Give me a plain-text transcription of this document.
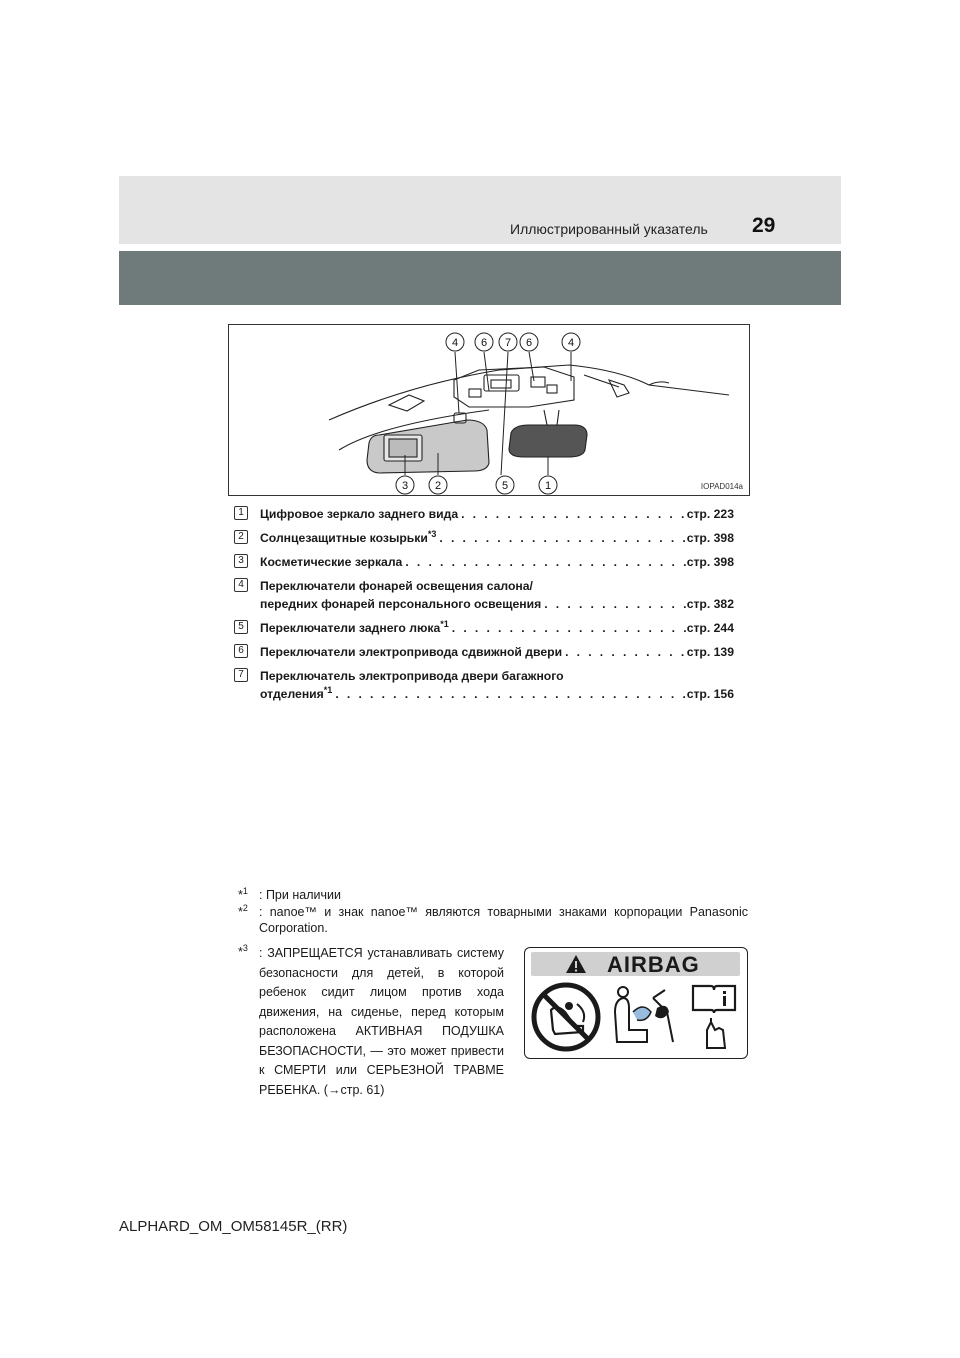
Иллюстрированный указатель 29
4 6 7 6	4
3 2	5	1	IOPAD014a
1	Цифровое зеркало заднего вида . . .	стр. 223
2	Солнцезащитные козырьки$^{*3}$ . . .	стр. 398
3	Косметические зеркала . . .	стр. 398
4	Переключатели фонарей освещения салона/
передних фонарей персонального освещения . . .	стр. 382
5	Переключатели заднего люка$^{*1}$ . . .	стр. 244
6	Переключатели электропривода сдвижной двери . . .	стр. 139
7	Переключатель электропривода двери багажного
отделения$^{*1}$ . . .	стр. 156
*$^1$ : При наличии
*$^2$ : nanoe™ и знак nanoe™ являются товарными знаками корпорации Panasonic Corporation.
*$^3$ : ЗАПРЕЩАЕТСЯ устанавливать систему безопасности для детей, в которой ребенок сидит лицом против хода движения, на сиденье, перед которым расположена АКТИВНАЯ ПОДУШКА БЕЗОПАСНОСТИ, — это может привести к СМЕРТИ или СЕРЬЕЗНОЙ ТРАВМЕ РЕБЕНКА. (→стр. 61)
AIRBAG
ALPHARD_OM_OM58145R_(RR)
